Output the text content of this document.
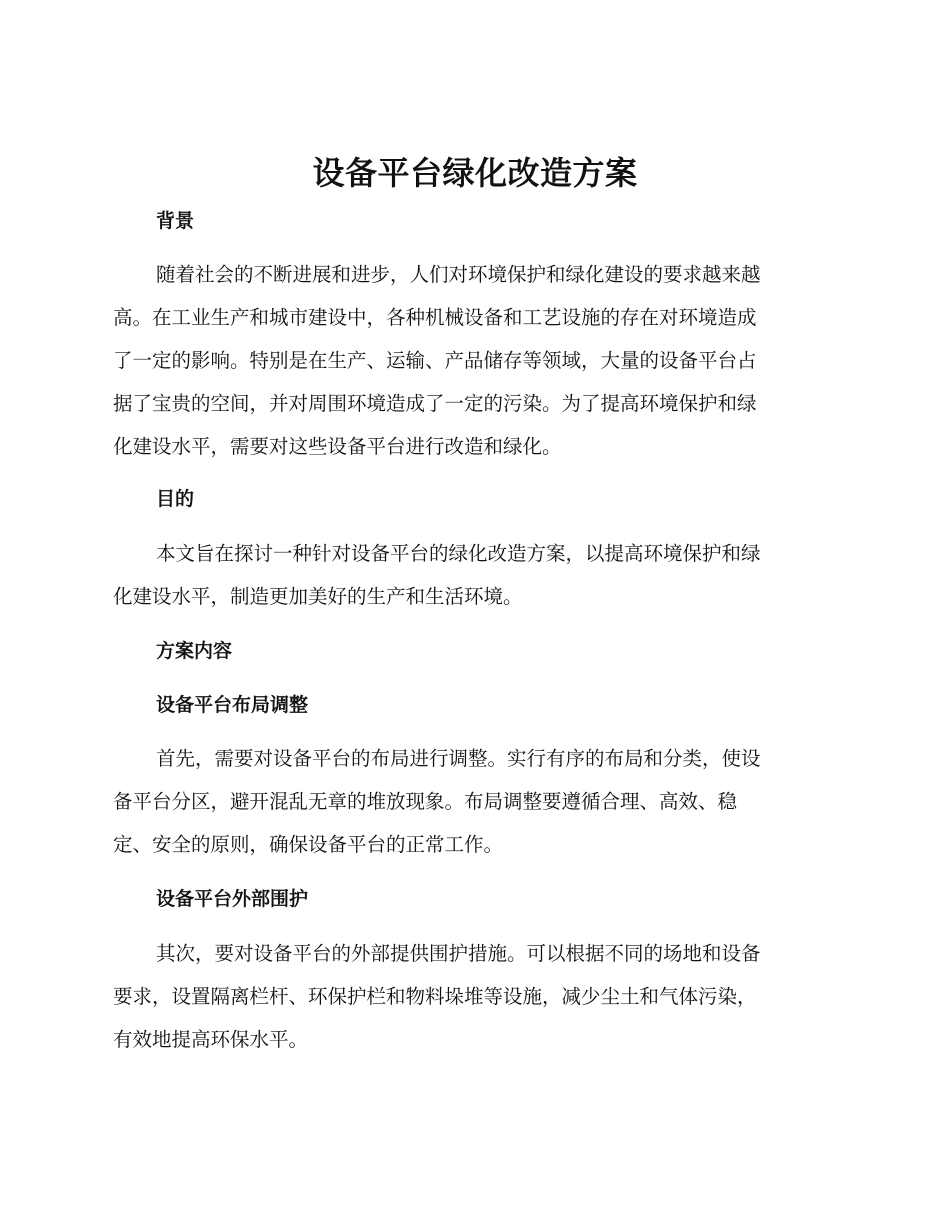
设备平台绿化改造方案
背景
随着社会的不断进展和进步，人们对环境保护和绿化建设的要求越来越
高。在工业生产和城市建设中，各种机械设备和工艺设施的存在对环境造成
了一定的影响。特别是在生产、运输、产品储存等领域，大量的设备平台占
据了宝贵的空间，并对周围环境造成了一定的污染。为了提高环境保护和绿
化建设水平，需要对这些设备平台进行改造和绿化。
目的
本文旨在探讨一种针对设备平台的绿化改造方案，以提高环境保护和绿
化建设水平，制造更加美好的生产和生活环境。
方案内容
设备平台布局调整
首先，需要对设备平台的布局进行调整。实行有序的布局和分类，使设
备平台分区，避开混乱无章的堆放现象。布局调整要遵循合理、高效、稳
定、安全的原则，确保设备平台的正常工作。
设备平台外部围护
其次，要对设备平台的外部提供围护措施。可以根据不同的场地和设备
要求，设置隔离栏杆、环保护栏和物料垛堆等设施，减少尘土和气体污染，
有效地提高环保水平。
